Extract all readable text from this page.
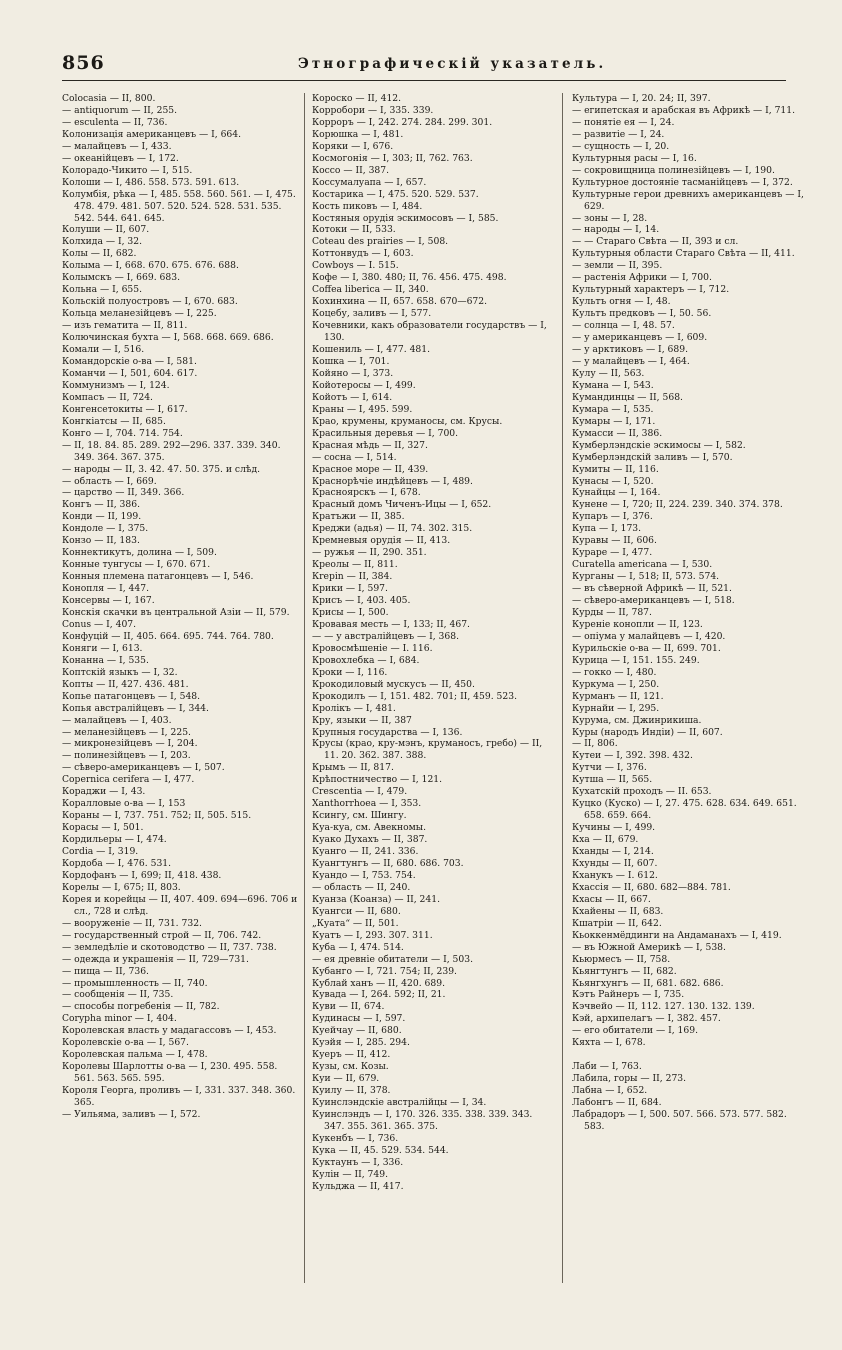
856	Этнографическій указатель.
Colocasia — II, 800.
— antiquorum — II, 255.
— esculenta — II, 736.
Колонизація американцевъ — I, 664.
— малайцевъ — I, 433.
— океанійцевъ — I, 172.
Колорадо-Чикито — I, 515.
Колоши — I, 486. 558. 573. 591. 613.
Колумбія, рѣка — I, 485. 558. 560. 561. — I, 475. 478. 479. 481. 507. 520. 524. 528. 531. 535. 542. 544. 641. 645.
Колуши — II, 607.
Колхида — I, 32.
Колы — II, 682.
Колыма — I, 668. 670. 675. 676. 688.
Колымскъ — I, 669. 683.
Кольна — I, 655.
Кольскій полуостровъ — I, 670. 683.
Кольца меланезійцевъ — I, 225.
— изъ гематита — II, 811.
Колючинская бухта — I, 568. 668. 669. 686.
Комали — I, 516.
Командорскіе о-ва — I, 581.
Команчи — I, 501, 604. 617.
Коммунизмъ — I, 124.
Компасъ — II, 724.
Конгенсетокиты — I, 617.
Конгкіатсы — II, 685.
Конго — I, 704. 714. 754.
— II, 18. 84. 85. 289. 292—296. 337. 339. 340. 349. 364. 367. 375.
— народы — II, 3. 42. 47. 50. 375. и слѣд.
— область — I, 669.
— царство — II, 349. 366.
Конгъ — II, 386.
Конди — II, 199.
Кондоле — I, 375.
Конзо — II, 183.
Коннектикутъ, долина — I, 509.
Конные тунгусы — I, 670. 671.
Конныя племена патагонцевъ — I, 546.
Конопля — I, 447.
Консервы — I, 167.
Конскія скачки въ центральной Азіи — II, 579.
Conus — I, 407.
Конфуцій — II, 405. 664. 695. 744. 764. 780.
Коняги — I, 613.
Конанна — I, 535.
Коптскій языкъ — I, 32.
Копты — II, 427. 436. 481.
Копье патагонцевъ — I, 548.
Копья австралійцевъ — I, 344.
— малайцевъ — I, 403.
— меланезійцевъ — I, 225.
— микронезійцевъ — I, 204.
— полинезійцевъ — I, 203.
— сѣверо-американцевъ — I, 507.
Copernica cerifera — I, 477.
Кораджи — I, 43.
Коралловые о-ва — I, 153
Кораны — I, 737. 751. 752; II, 505. 515.
Корасы — I, 501.
Кордильеры — I, 474.
Cordia — I, 319.
Кордоба — I, 476. 531.
Кордофанъ — I, 699; II, 418. 438.
Корелы — I, 675; II, 803.
Корея и корейцы — II, 407. 409. 694—696. 706 и сл., 728 и слѣд.
— вооруженіе — II, 731. 732.
— государственный строй — II, 706. 742.
— земледѣліе и скотоводство — II, 737. 738.
— одежда и украшенія — II, 729—731.
— пища — II, 736.
— промышленность — II, 740.
— сообщенія — II, 735.
— способы погребенія — II, 782.
Corypha minor — I, 404.
Королевская власть у мадагассовъ — I, 453.
Королевскіе о-ва — I, 567.
Королевская пальма — I, 478.
Королевы Шарлотты о-ва — I, 230. 495. 558. 561. 563. 565. 595.
Короля Георга, проливъ — I, 331. 337. 348. 360. 365.
— Уильяма, заливъ — I, 572.
Короско — II, 412.
Корробори — I, 335. 339.
Корроръ — I, 242. 274. 284. 299. 301.
Корюшка — I, 481.
Коряки — I, 676.
Космогонія — I, 303; II, 762. 763.
Коссо — II, 387.
Коссумалуапа — I, 657.
Костарика — I, 475. 520. 529. 537.
Кость пиковъ — I, 484.
Костяныя орудія эскимосовъ — I, 585.
Котоки — II, 533.
Coteau des prairies — I, 508.
Коттонвудъ — I, 603.
Cowboys — I. 515.
Кофе — I, 380. 480; II, 76. 456. 475. 498.
Coffea liberica — II, 340.
Кохинхина — II, 657. 658. 670—672.
Коцебу, заливъ — I, 577.
Кочевники, какъ образователи государствъ — I, 130.
Кошениль — I, 477. 481.
Кошка — I, 701.
Койяно — I, 373.
Койотеросы — I, 499.
Койотъ — I, 614.
Краны — I, 495. 599.
Крао, крумены, круманосы, см. Крусы.
Красильныя деревья — I, 700.
Красная мѣдь — II, 327.
— сосна — I, 514.
Красное море — II, 439.
Краснорѣчіе индѣйцевъ — I, 489.
Красноярскъ — I, 678.
Красный домъ Чиченъ-Ицы — I, 652.
Кратъжи — II, 385.
Креджи (адья) — II, 74. 302. 315.
Кремневыя орудія — II, 413.
— ружья — II, 290. 351.
Креолы — II, 811.
Кrepin — II, 384.
Крики — I, 597.
Крисъ — I, 403. 405.
Крисы — I, 500.
Кровавая месть — I, 133; II, 467.
— — у австралійцевъ — I, 368.
Кровосмѣшеніе — I. 116.
Кровохлебка — I, 684.
Кроки — I, 116.
Крокодиловый мускусъ — II, 450.
Крокодилъ — I, 151. 482. 701; II, 459. 523.
Кролікъ — I, 481.
Кру, языки — II, 387
Крупныя государства — I, 136.
Крусы (крао, кру-мэнъ, круманосъ, гребо) — II, 11. 20. 362. 387. 388.
Крымъ — II, 817.
Крѣпостничество — I, 121.
Crescentia — I, 479.
Xanthorrhoea — I, 353.
Ксингу, см. Шингу.
Куа-куа, см. Авекномы.
Куако Духахъ — II, 387.
Куанго — II, 241. 336.
Куангтунгъ — II, 680. 686. 703.
Куандо — I, 753. 754.
— область — II, 240.
Куанза (Коанза) — II, 241.
Куангси — II, 680.
„Куата“ — II, 501.
Куатъ — I, 293. 307. 311.
Куба — I, 474. 514.
— ея древніе обитатели — I, 503.
Кубанго — I, 721. 754; II, 239.
Кублай ханъ — II, 420. 689.
Кувада — I, 264. 592; II, 21.
Куви — II, 674.
Кудинасы — I, 597.
Куейчау — II, 680.
Куэйя — I, 285. 294.
Куеръ — II, 412.
Кузы, см. Козы.
Куи — II, 679.
Куилу — II, 378.
Куинслэндскіе австралійцы — I, 34.
Куинслэндъ — I, 170. 326. 335. 338. 339. 343. 347. 355. 361. 365. 375.
Кукенбъ — I, 736.
Кука — II, 45. 529. 534. 544.
Куктаунъ — I, 336.
Кулін — II, 749.
Кульджа — II, 417.
Культура — I, 20. 24; II, 397.
— египетская и арабская въ Африкѣ — I, 711.
— понятіе ея — I, 24.
— развитіе — I, 24.
— сущность — I, 20.
Культурныя расы — I, 16.
— сокровищница полинезійцевъ — I, 190.
Культурное достояніе тасманійцевъ — I, 372.
Культурные герои древнихъ американцевъ — I, 629.
— зоны — I, 28.
— народы — I, 14.
— — Стараго Свѣта — II, 393 и сл.
Культурныя области Стараго Свѣта — II, 411.
— земли — II, 395.
— растенія Африки — I, 700.
Культурный характеръ — I, 712.
Культъ огня — I, 48.
Культъ предковъ — I, 50. 56.
— солнца — I, 48. 57.
— у американцевъ — I, 609.
— у арктиковъ — I, 689.
— у малайцевъ — I, 464.
Кулу — II, 563.
Кумана — I, 543.
Кумандинцы — II, 568.
Кумара — I, 535.
Кумары — I, 171.
Кумасси — II, 386.
Кумберлэндскіе эскимосы — I, 582.
Кумберлэндскій заливъ — I, 570.
Кумиты — II, 116.
Кунасы — I, 520.
Кунайцы — I, 164.
Кунене — I, 720; II, 224. 239. 340. 374. 378.
Купаръ — I, 376.
Купа — I, 173.
Куравы — II, 606.
Кураре — I, 477.
Curatella americana — I, 530.
Курганы — I, 518; II, 573. 574.
— въ сѣверной Африкѣ — II, 521.
— сѣверо-американцевъ — I, 518.
Курды — II, 787.
Куреніе конопли — II, 123.
— опіума у малайцевъ — I, 420.
Курильскіе о-ва — II, 699. 701.
Курица — I, 151. 155. 249.
— гокко — I, 480.
Куркума — I, 250.
Курманъ — II, 121.
Курнайи — I, 295.
Курума, см. Джинрикиша.
Куры (народъ Индіи) — II, 607.
— II, 806.
Кутеи — I, 392. 398. 432.
Кутчи — I, 376.
Кутша — II, 565.
Кухатскій проходъ — II. 653.
Куцко (Куско) — I, 27. 475. 628. 634. 649. 651. 658. 659. 664.
Кучины — I, 499.
Кха — II, 679.
Кханды — I, 214.
Кхунды — II, 607.
Кханукъ — I. 612.
Кхассія — II, 680. 682—884. 781.
Кхасы — II, 667.
Кхайены — II, 683.
Кшатріи — II, 642.
Кьоккенмёддинги на Андаманахъ — I, 419.
— въ Южной Америкѣ — I, 538.
Кьюрмесъ — II, 758.
Кьянгтунгъ — II, 682.
Кьянгхунгъ — II, 681. 682. 686.
Кэтъ Райнеръ — I, 735.
Кэчвейо — II, 112. 127. 130. 132. 139.
Кэй, архипелагъ — I, 382. 457.
— его обитатели — I, 169.
Кяхта — I, 678.
Лаби — I, 763.
Лабила, горы — II, 273.
Лабна — I, 652.
Лабонгъ — II, 684.
Лабрадоръ — I, 500. 507. 566. 573. 577. 582. 583.
